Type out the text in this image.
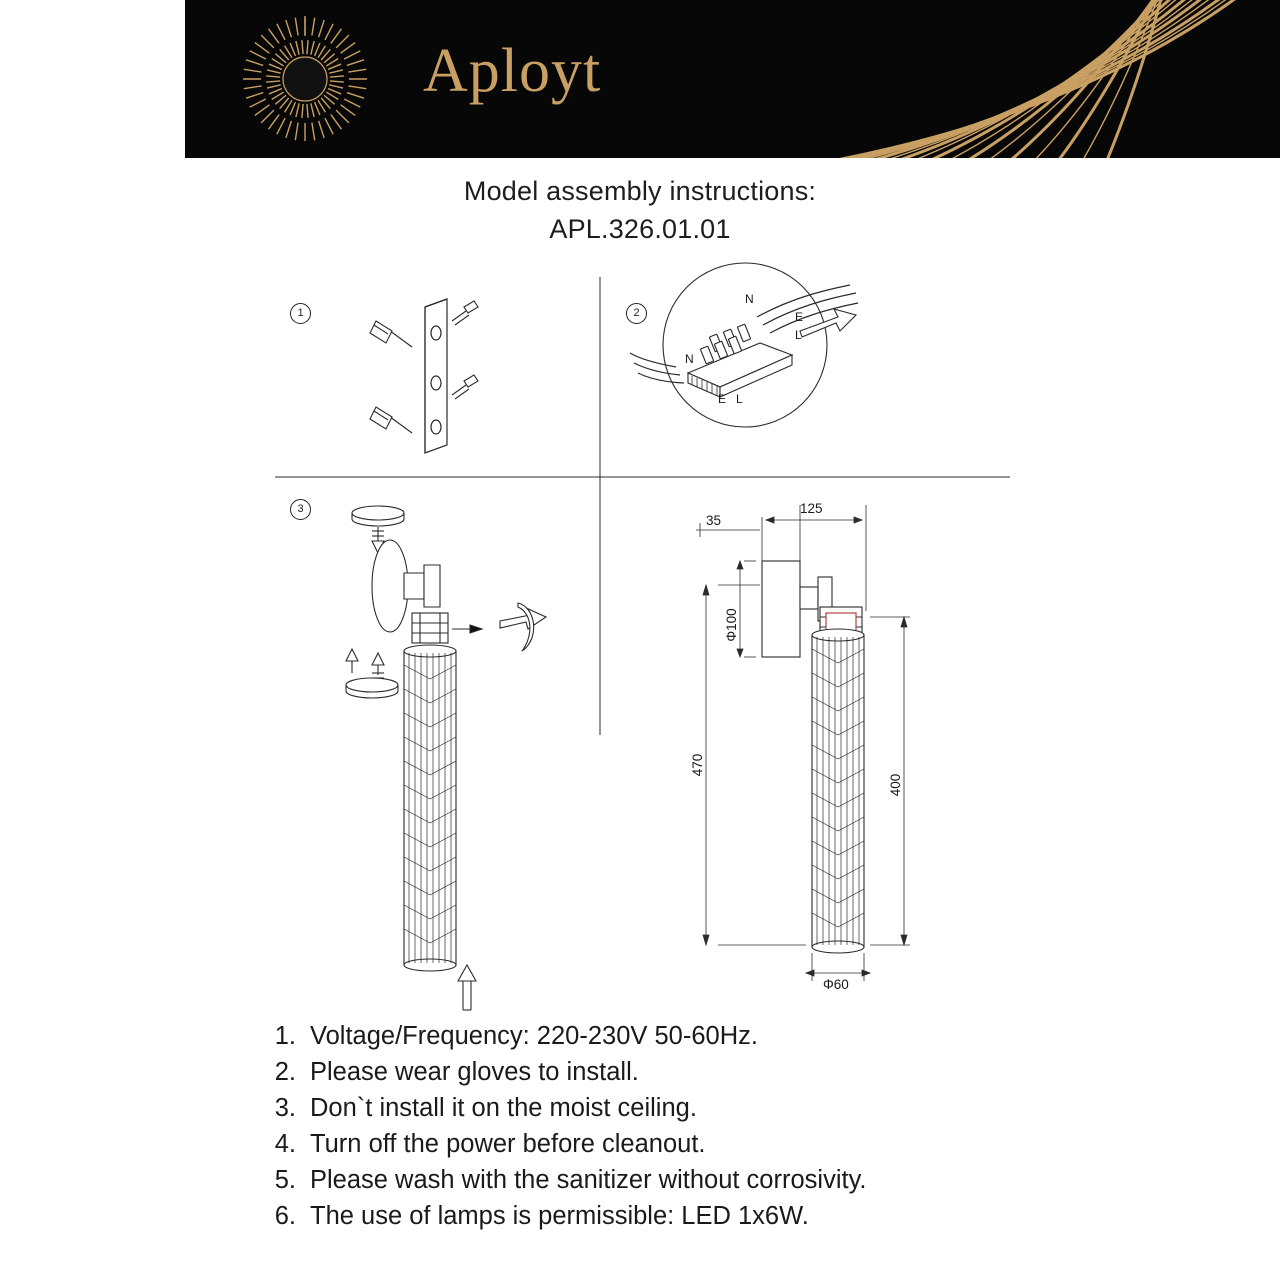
Aployt
Model assembly instructions:
APL.326.01.01
N
E
L
N
E L
35
125
Φ100
470
400
Φ60
1	2
3
1. Voltage/Frequency: 220-230V 50-60Hz.
2. Please wear gloves to install.
3. Don`t install it on the moist ceiling.
4. Turn off the power before cleanout.
5. Please wash with the sanitizer without corrosivity.
6. The use of lamps is permissible: LED 1x6W.
